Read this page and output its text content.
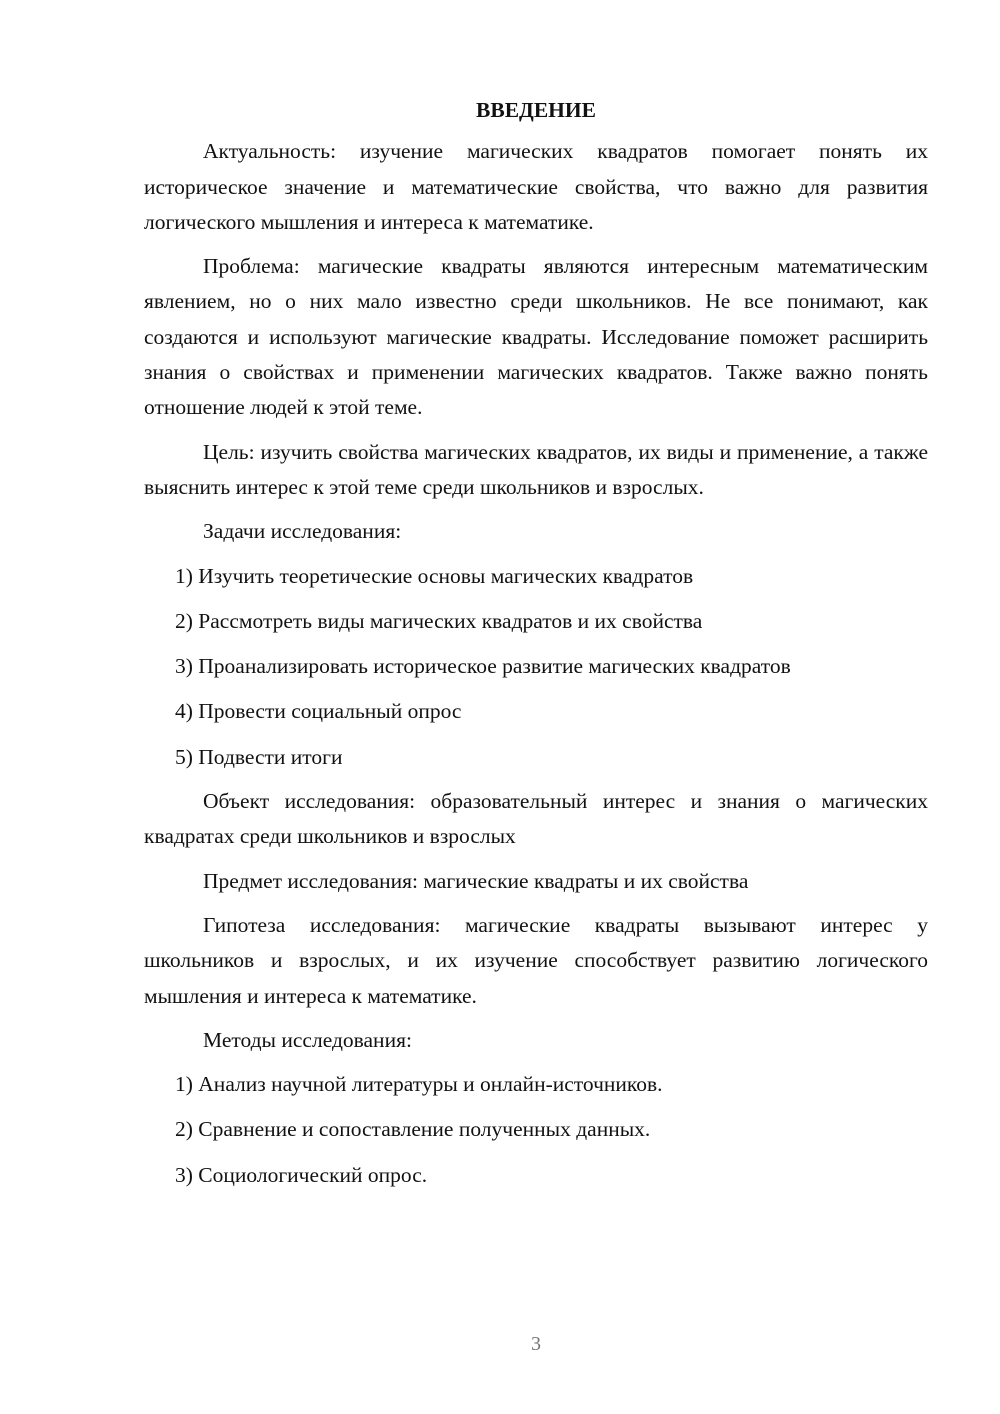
ВВЕДЕНИЕ

Актуальность: изучение магических квадратов помогает понять их историческое значение и математические свойства, что важно для развития логического мышления и интереса к математике.

Проблема: магические квадраты являются интересным математическим явлением, но о них мало известно среди школьников. Не все понимают, как создаются и используют магические квадраты. Исследование поможет расширить знания о свойствах и применении магических квадратов. Также важно понять отношение людей к этой теме.

Цель: изучить свойства магических квадратов, их виды и применение, а также выяснить интерес к этой теме среди школьников и взрослых.

Задачи исследования:

1) Изучить теоретические основы магических квадратов

2) Рассмотреть виды магических квадратов и их свойства

3) Проанализировать историческое развитие магических квадратов

4) Провести социальный опрос

5) Подвести итоги

Объект исследования: образовательный интерес и знания о магических квадратах среди школьников и взрослых

Предмет исследования: магические квадраты и их свойства

Гипотеза исследования: магические квадраты вызывают интерес у школьников и взрослых, и их изучение способствует развитию логического мышления и интереса к математике.

Методы исследования:

1) Анализ научной литературы и онлайн-источников.

2) Сравнение и сопоставление полученных данных.

3) Социологический опрос.

3
